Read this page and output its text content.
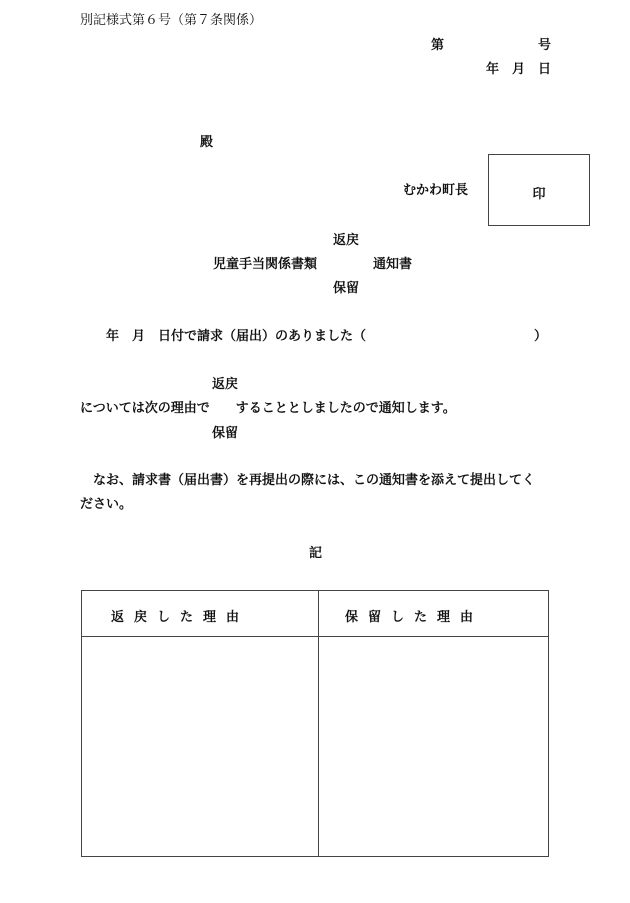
別記様式第６号（第７条関係）
第	号
年 月 日
殿
むかわ町長	印
返戻
児童手当関係書類	通知書
保留
年　月　日付で請求（届出）のありました（	）
返戻
については次の理由で　　することとしましたので通知します。
保留
なお、請求書（届出書）を再提出の際には、この通知書を添えて提出してく
ださい。
記
返戻した理由	保留した理由
